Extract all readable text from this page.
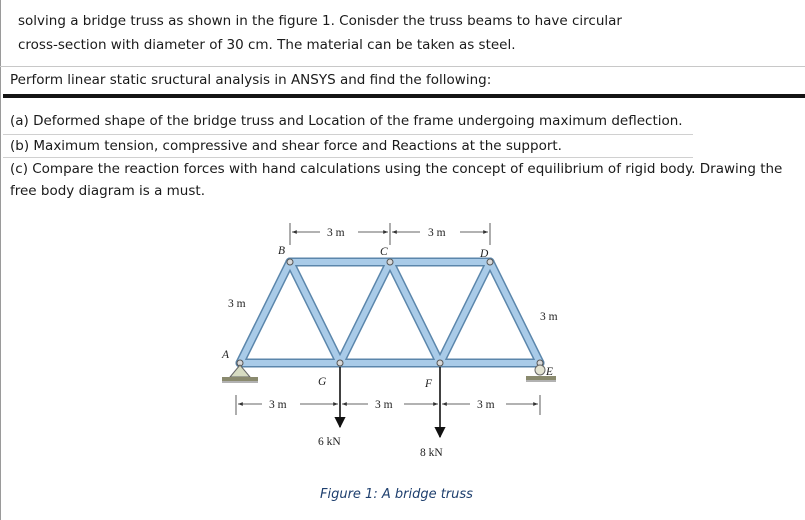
solving a bridge truss as shown in the figure 1. Conisder the truss beams to have circular
cross-section with diameter of 30 cm. The material can be taken as steel.
Perform linear static sructural analysis in ANSYS and find the following:
(a) Deformed shape of the bridge truss and Location of the frame undergoing maximum deflection.
(b) Maximum tension, compressive and shear force and Reactions at the support.
(c) Compare the reaction forces with hand calculations using the concept of equilibrium of rigid body. Drawing the free body diagram is a must.
A
B	C	D
E
F
G
3 m	3 m
3 m
3 m
3 m	3 m	3 m
6 kN
8 kN
Figure 1: A bridge truss
